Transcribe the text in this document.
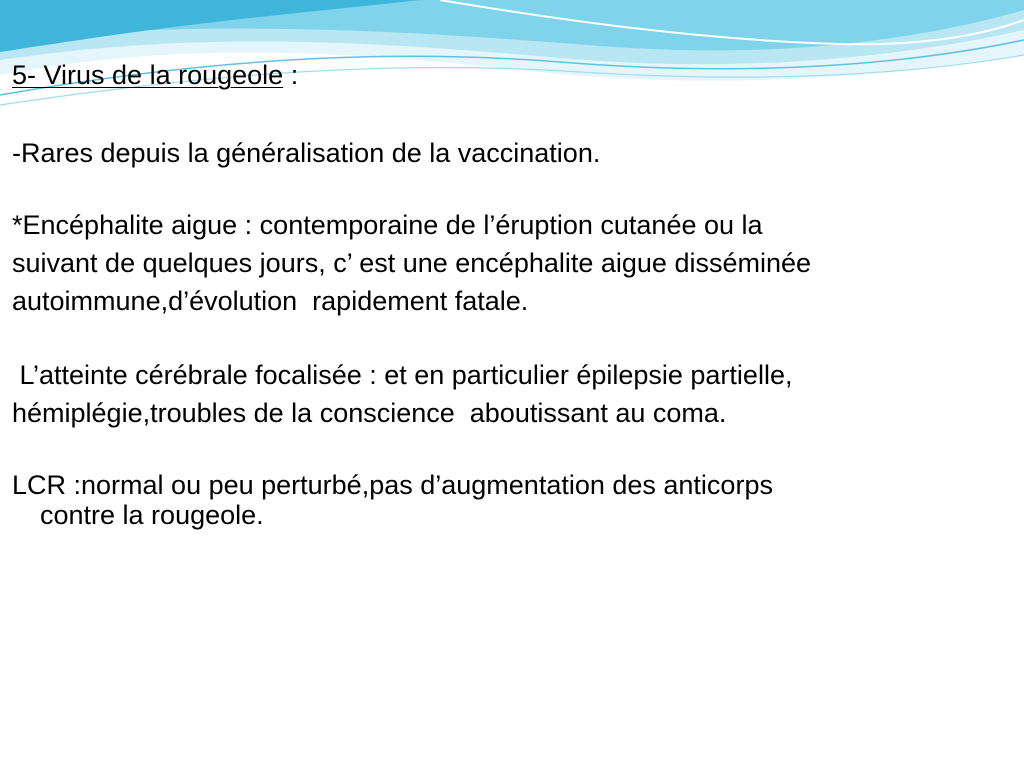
5- Virus de la rougeole :

-Rares depuis la généralisation de la vaccination.

*Encéphalite aigue : contemporaine de l’éruption cutanée ou la

suivant de quelques jours, c’ est une encéphalite aigue disséminée

autoimmune,d’évolution  rapidement fatale.

L’atteinte cérébrale focalisée : et en particulier épilepsie partielle,

hémiplégie,troubles de la conscience  aboutissant au coma.

LCR :normal ou peu perturbé,pas d’augmentation des anticorps

contre la rougeole.
